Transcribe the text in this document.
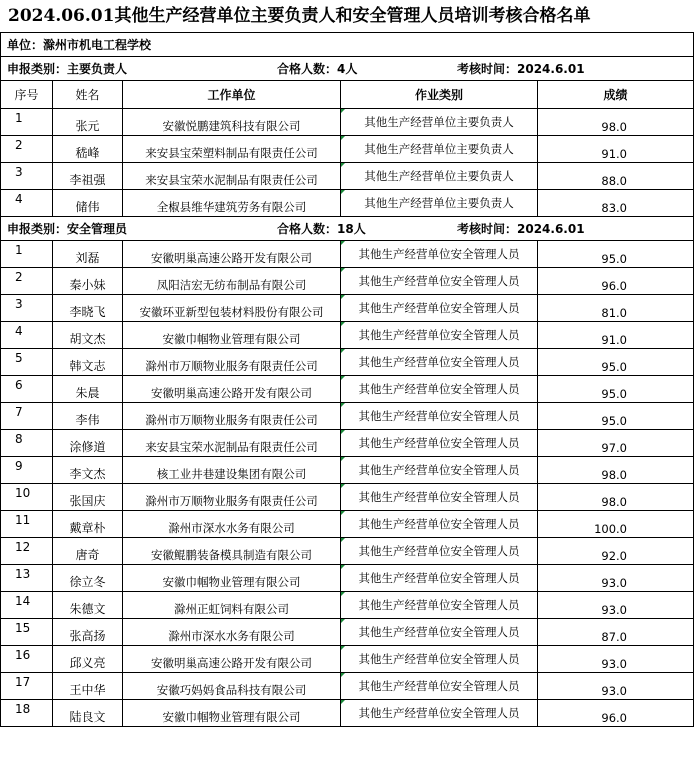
2024.06.01其他生产经营单位主要负责人和安全管理人员培训考核合格名单
单位：滁州市机电工程学校				

申报类别：主要负责人 合格人数：4人 考核时间：2024.6.01				

序号	姓名	工作单位	作业类别	成绩
1	张元	安徽悦鹏建筑科技有限公司	其他生产经营单位主要负责人	98.0
2	嵇峰	来安县宝荣塑料制品有限责任公司	其他生产经营单位主要负责人	91.0
3	李祖强	来安县宝荣水泥制品有限责任公司	其他生产经营单位主要负责人	88.0
4	储伟	全椒县维华建筑劳务有限公司	其他生产经营单位主要负责人	83.0

申报类别：安全管理员 合格人数：18人 考核时间：2024.6.01				

1	刘磊	安徽明巢高速公路开发有限公司	其他生产经营单位安全管理人员	95.0
2	秦小妹	凤阳洁宏无纺布制品有限公司	其他生产经营单位安全管理人员	96.0
3	李晓飞	安徽环亚新型包装材料股份有限公司	其他生产经营单位安全管理人员	81.0
4	胡文杰	安徽巾帼物业管理有限公司	其他生产经营单位安全管理人员	91.0
5	韩文志	滁州市万顺物业服务有限责任公司	其他生产经营单位安全管理人员	95.0
6	朱晨	安徽明巢高速公路开发有限公司	其他生产经营单位安全管理人员	95.0
7	李伟	滁州市万顺物业服务有限责任公司	其他生产经营单位安全管理人员	95.0
8	涂修道	来安县宝荣水泥制品有限责任公司	其他生产经营单位安全管理人员	97.0
9	李文杰	核工业井巷建设集团有限公司	其他生产经营单位安全管理人员	98.0
10	张国庆	滁州市万顺物业服务有限责任公司	其他生产经营单位安全管理人员	98.0
11	戴章朴	滁州市深水水务有限公司	其他生产经营单位安全管理人员	100.0
12	唐奇	安徽鲲鹏装备模具制造有限公司	其他生产经营单位安全管理人员	92.0
13	徐立冬	安徽巾帼物业管理有限公司	其他生产经营单位安全管理人员	93.0
14	朱德文	滁州正虹饲料有限公司	其他生产经营单位安全管理人员	93.0
15	张高扬	滁州市深水水务有限公司	其他生产经营单位安全管理人员	87.0
16	邱义亮	安徽明巢高速公路开发有限公司	其他生产经营单位安全管理人员	93.0
17	王中华	安徽巧妈妈食品科技有限公司	其他生产经营单位安全管理人员	93.0
18	陆良文	安徽巾帼物业管理有限公司	其他生产经营单位安全管理人员	96.0
